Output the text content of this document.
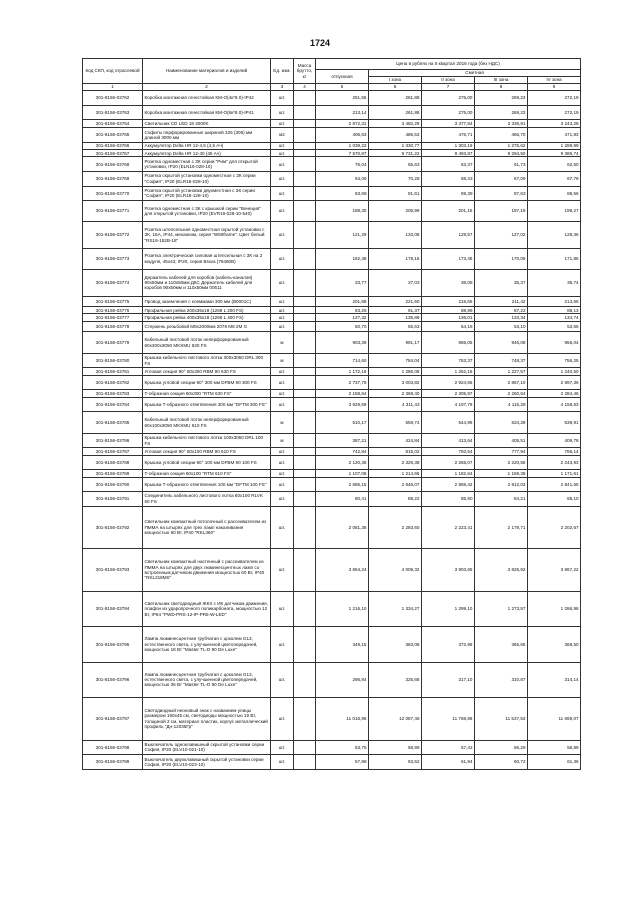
1724
Код СКП, код отраслевой	Наименование материалов и изделий	Ед. изм.	Масса брутто, кг	Цена в рублях на II квартал 2016 года (без НДС)				
				отпускная	Сметная			
					I зона	II зона	III зона	IV зона
1	2	3	4	5	6	7	8	9
301-8156-03762	Коробка монтажная огнестойкая КМ-О(4к*8.0)-IP42	шт.		251,55	261,88	275,00	269,23	272,19
301-8156-03763	Коробка монтажная огнестойкая КМ-О(8к*8.0)-IP41	шт.		213,14	261,88	275,00	269,23	272,19
301-8156-03764	Светильник CD LED 18 4000K	шт.		2 872,31	3 482,29	3 377,84	3 336,91	3 243,28
301-8156-03765	Софиты перфорированные шириной 325 (306) мм длиной 3000 мм	м2		406,53	486,53	476,71	466,70	471,83
301-8156-03766	Аккумулятор Delta HR 12-4,5 (4,5 Ач)	шт.		1 039,23	1 330,77	1 303,19	1 275,62	1 289,99
301-8156-03767	Аккумулятор Delta HR 12-40 (45 Ач)	шт.		7 570,87	9 731,22	9 493,87	9 294,50	9 386,74
301-8156-03768	Розетка одноместная с ЗК серии "Рим" для открытой установки, IP20 (ELN16-028-10)	шт.		76,04	65,63	63,37	61,73	62,50
301-8156-03769	Розетка скрытой установки одноместная с ЗК серии "София", IP20 (ELR16-028-10)	шт.		64,06	70,28	68,43	67,09	67,79
301-8156-03770	Розетка скрытой установки двухместная с ЗК серии "София", IP20 (ELR16-128-10)	шт.		83,68	91,61	89,39	87,63	88,56
301-8156-03771	Розетка одноместная с ЗК с крышкой серии "Венеция" для открытой установки, IP20 (EVR16-029-10-540)	шт.		188,30	205,99	201,15	197,19	199,27
301-8156-03772	Розетка штепсельная одноместная скрытой установки с ЗК, 16А, IP44, механизм, серия "W59frame". Цвет белый "RS16-152B-18"	шт.		121,29	133,08	129,57	127,02	128,36
301-8156-03773	Розетка электрическая силовая штепсельная с ЗК на 2 модуля, 45х43, IP20, серия Brava (76480B)	шт.		162,38	178,16	173,46	170,05	171,85
301-8156-03774	Держатель кабелей для коробов (кабель-каналов) 90х50мм и 110х50мм ДКС Держатель кабелей для коробов 90х50мм и 110х50мм 00511	шт.		33,77	37,03	36,08	35,37	35,74
301-8156-03775	Провод заземления с клеммами 300 мм (B0001C)	шт.		201,88	221,50	215,65	211,42	213,65
301-8156-03776	Профильная рейка 200х35х18 (1268 L 200 FS)	шт.		83,25	91,37	88,96	87,22	88,13
301-8156-03777	Профильная рейка 400х35х18 (1268 L 400 FS)	шт.		127,32	135,89	136,01	133,34	134,74
301-8156-03778	Стержень резьбовой М8х2000мм 2078 M8 2M G	шт.		50,70	55,63	54,16	53,10	53,66
301-8156-03779	Кабельный листовой лоток неперфорированный 60х300х3050 MKSMU 630 FS	м		903,39	991,17	965,05	946,08	956,04
301-8156-03780	Крышка кабельного листового лотка 300х3050 DRL 300 FS	м		714,60	784,04	763,37	748,37	756,25
301-8156-03781	Угловая секция 90° 60х300 RBM 90 630 FS	шт.		1 172,16	1 286,08	1 252,18	1 227,57	1 240,50
301-8156-03782	Крышка угловой секции 90° 300 мм DFBM 90 300 FS	шт.		2 737,79	3 003,82	2 924,66	2 867,10	2 897,36
301-8156-03783	Т-образная секция 60х300 "RTM 630 FS"	шт.		2 158,64	2 368,40	2 305,97	2 260,64	2 284,46
301-8156-03784	Крышка Т-образного ответвления 300 мм "DFTM 300 FS"	шт.		3 929,59	4 311,43	4 197,79	4 115,28	4 158,63
301-8156-03785	Кабельный листовой лоток неперфорированный 60х100х3050 MKSMU 610 FS	м		510,17	559,74	544,99	534,28	539,91
301-8156-03786	Крышка кабельного листового лотка 100х3050 DRL 100 FS	м		387,21	424,84	413,64	405,51	409,78
301-8156-03787	Угловая секция 90° 60х100 RBM 90 610 FS	шт.		742,84	815,02	793,54	777,94	786,14
301-8156-03788	Крышка угловой секции 90° 100 мм DFBM 90 100 FS	шт.		2 120,35	2 326,38	2 265,07	2 220,55	2 243,93
301-8156-03789	Т-образная секция 60х100 "RTM 610 FS"	шт.		1 107,08	1 214,65	1 182,64	1 159,39	1 171,61
301-8156-03790	Крышка Т-образного ответвления 100 мм "DFTM 100 FS"	шт.		2 685,15	2 946,07	2 868,42	2 812,03	2 841,65
301-8156-03791	Соединитель кабельного листового лотка 60х100 RLVK 60 FS	шт.		80,41	88,22	85,90	84,21	85,10
301-8156-03792	Светильник компактный потолочный с рассеивателем из ПММА на штырях для трех ламп накаливания мощностью 60 Вт, IP40 "RKL360"	шт.		2 081,36	2 283,60	2 223,41	2 179,71	2 202,67
301-8156-03793	Светильник компактный настенный с рассеивателем из ПММА на штырях для двух люминесцентных ламп со встроенным датчиком движения мощностью 60 Вт, IP40 "RKL218MS"	шт.		3 654,24	4 009,32	3 903,65	3 826,92	3 867,22
301-8156-03794	Светильник светодиодный ЖКХ с ИК датчиком движения, плафон из ударопрочного поликарбоната, мощностью 12 Вт, IP64 "PWD-PRS-12-IP-PR5-W-LED"	шт.		1 216,10	1 334,27	1 299,10	1 273,57	1 286,98
301-8156-03795	Лампа люминесцентная трубчатая с цоколем G13, естественного света, с улучшенной цветопередачей, мощностью 18 Вт "Master TL-D 90 De Luxe"	шт.		349,15	383,08	372,98	365,65	369,50
301-8156-03796	Лампа люминесцентная трубчатая с цоколем G13, естественного света, с улучшенной цветопередачей, мощностью 36 Вт "Master TL-D 90 De Luxe"	шт.		296,84	325,68	317,10	310,87	314,14
301-8156-03797	Светодиодный неоновый знак с названием улицы размером 160х45 см, светодиоды мощностью 19 Вт, толщиной 2 см, материал пластик, корпус металлический профиль "Дн-12035Гр"	шт.		11 016,95	12 087,46	11 768,88	11 537,53	11 659,07
301-8156-03798	Выключатель одноклавишный скрытой установки серии София, IP20 (ELV10-021-10)	шт.		53,75	58,99	57,42	56,29	56,89
301-8156-03799	Выключатель двухклавишный скрытой установки серии София, IP20 (ELV10-023-10)	шт.		57,98	63,62	61,94	60,72	61,36
